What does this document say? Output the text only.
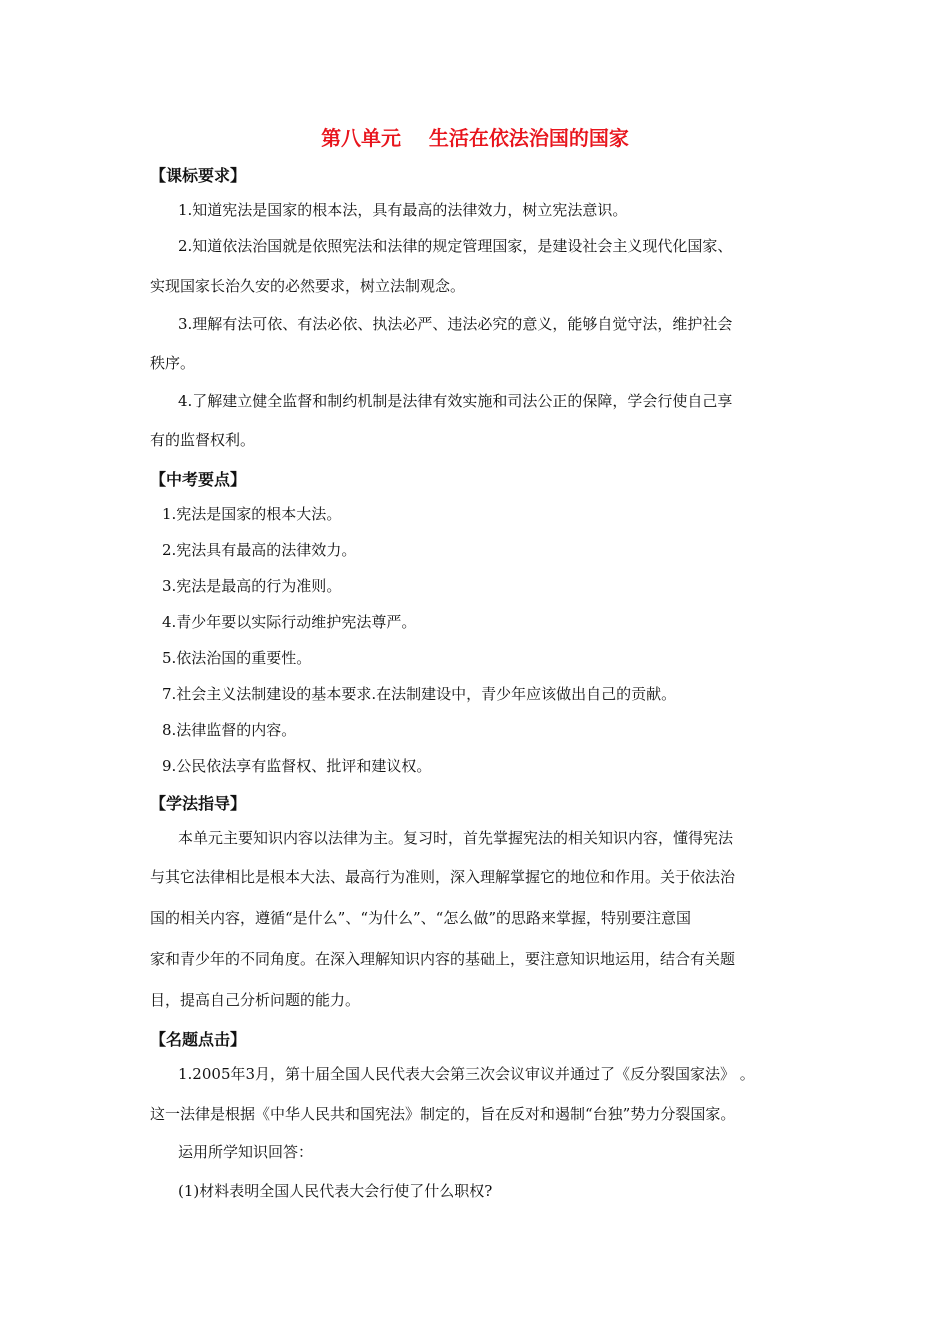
第八单元    生活在依法治国的国家
【课标要求】
1.知道宪法是国家的根本法，具有最高的法律效力，树立宪法意识。
2.知道依法治国就是依照宪法和法律的规定管理国家，是建设社会主义现代化国家、
实现国家长治久安的必然要求，树立法制观念。
3.理解有法可依、有法必依、执法必严、违法必究的意义，能够自觉守法，维护社会
秩序。
4.了解建立健全监督和制约机制是法律有效实施和司法公正的保障，学会行使自己享
有的监督权利。
【中考要点】
1.宪法是国家的根本大法。
2.宪法具有最高的法律效力。
3.宪法是最高的行为准则。
4.青少年要以实际行动维护宪法尊严。
5.依法治国的重要性。
7.社会主义法制建设的基本要求.在法制建设中，青少年应该做出自己的贡献。
8.法律监督的内容。
9.公民依法享有监督权、批评和建议权。
【学法指导】
本单元主要知识内容以法律为主。复习时，首先掌握宪法的相关知识内容，懂得宪法
与其它法律相比是根本大法、最高行为准则，深入理解掌握它的地位和作用。关于依法治
国的相关内容，遵循“是什么”、“为什么”、“怎么做”的思路来掌握，特别要注意国
家和青少年的不同角度。在深入理解知识内容的基础上，要注意知识地运用，结合有关题
目，提高自己分析问题的能力。
【名题点击】
1.2005年3月，第十届全国人民代表大会第三次会议审议并通过了《反分裂国家法》 。
这一法律是根据《中华人民共和国宪法》制定的，旨在反对和遏制“台独”势力分裂国家。
运用所学知识回答：
(1)材料表明全国人民代表大会行使了什么职权?
